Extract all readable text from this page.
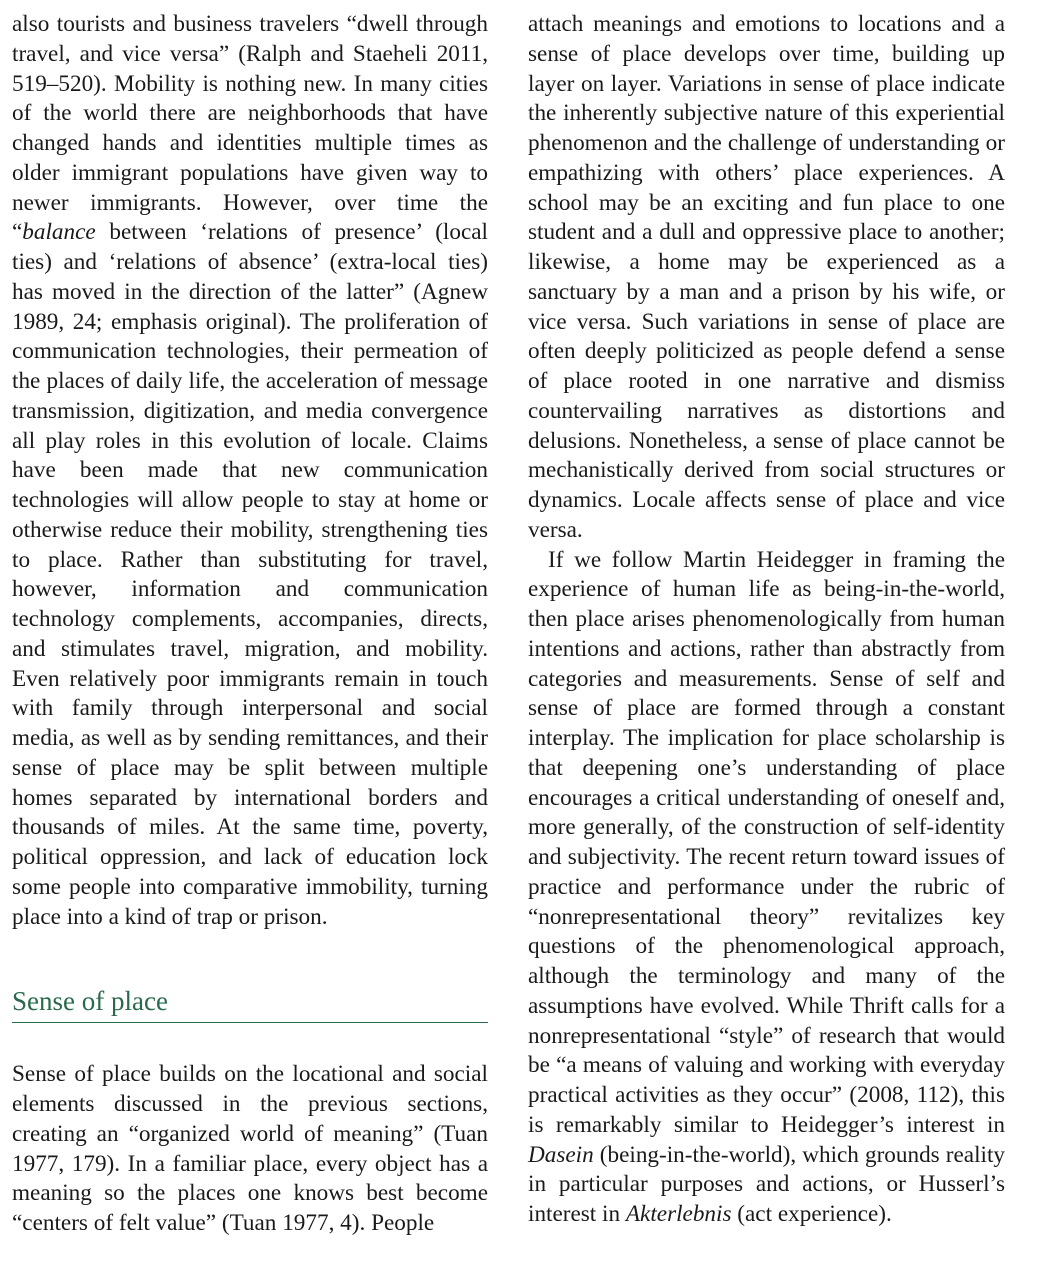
also tourists and business travelers “dwell through travel, and vice versa” (Ralph and Staeheli 2011, 519–520). Mobility is nothing new. In many cities of the world there are neighborhoods that have changed hands and identities multiple times as older immigrant populations have given way to newer immigrants. However, over time the “balance between ‘relations of presence’ (local ties) and ‘relations of absence’ (extra-local ties) has moved in the direction of the latter” (Agnew 1989, 24; emphasis original). The proliferation of communication technologies, their permeation of the places of daily life, the acceleration of message transmission, digitization, and media convergence all play roles in this evolution of locale. Claims have been made that new communication technologies will allow people to stay at home or otherwise reduce their mobility, strengthening ties to place. Rather than substituting for travel, however, information and communication technology complements, accompanies, directs, and stimulates travel, migration, and mobility. Even relatively poor immigrants remain in touch with family through interpersonal and social media, as well as by sending remittances, and their sense of place may be split between multiple homes separated by international borders and thousands of miles. At the same time, poverty, political oppression, and lack of education lock some people into comparative immobility, turning place into a kind of trap or prison.

Sense of place

Sense of place builds on the locational and social elements discussed in the previous sections, creating an “organized world of meaning” (Tuan 1977, 179). In a familiar place, every object has a meaning so the places one knows best become “centers of felt value” (Tuan 1977, 4). People

attach meanings and emotions to locations and a sense of place develops over time, building up layer on layer. Variations in sense of place indicate the inherently subjective nature of this experiential phenomenon and the challenge of understanding or empathizing with others’ place experiences. A school may be an exciting and fun place to one student and a dull and oppressive place to another; likewise, a home may be experienced as a sanctuary by a man and a prison by his wife, or vice versa. Such variations in sense of place are often deeply politicized as people defend a sense of place rooted in one narrative and dismiss countervailing narratives as distortions and delusions. Nonetheless, a sense of place cannot be mechanistically derived from social structures or dynamics. Locale affects sense of place and vice versa.

If we follow Martin Heidegger in framing the experience of human life as being-in-the-world, then place arises phenomenologically from human intentions and actions, rather than abstractly from categories and measurements. Sense of self and sense of place are formed through a constant interplay. The implication for place scholarship is that deepening one’s understanding of place encourages a critical understanding of oneself and, more generally, of the construction of self-identity and subjectivity. The recent return toward issues of practice and performance under the rubric of “nonrepresentational theory” revitalizes key questions of the phenomenological approach, although the terminology and many of the assumptions have evolved. While Thrift calls for a nonrepresentational “style” of research that would be “a means of valuing and working with everyday practical activities as they occur” (2008, 112), this is remarkably similar to Heidegger’s interest in Dasein (being-in-the-world), which grounds reality in particular purposes and actions, or Husserl’s interest in Akterlebnis (act experience).
